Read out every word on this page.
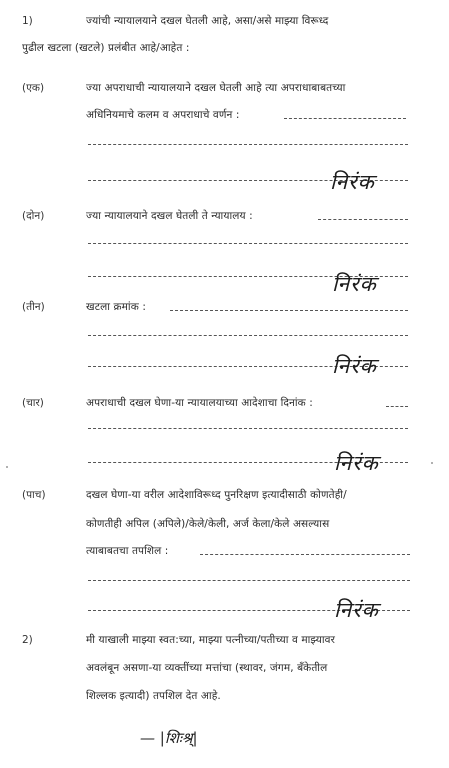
1)	ज्यांची न्यायालयाने दखल घेतली आहे, असा/असे माझ्या विरूध्द
पुढील खटला (खटले) प्रलंबीत आहे/आहेत :
(एक)	ज्या अपराधाची न्यायालयाने दखल घेतली आहे त्या अपराधाबाबतच्या
अधिनियमाचे कलम व अपराधाचे वर्णन :
निरंक
(दोन)	ज्या न्यायालयाने दखल घेतली ते न्यायालय :
निरंक
(तीन)	खटला क्रमांक :
निरंक
(चार)	अपराधाची दखल घेणा-या न्यायालयाच्या आदेशाचा दिनांक :
निरंक
(पाच)	दखल घेणा-या वरील आदेशाविरूध्द पुनरिक्षण इत्यादीसाठी कोणतेही/
कोणतीही अपिल (अपिले)/केले/केली, अर्ज केला/केले असल्यास
त्याबाबतचा तपशिल :
निरंक
2)	मी याखाली माझ्या स्वत:च्या, माझ्या पत्नीच्या/पतीच्या व माझ्यावर
अवलंबून असणा-या व्यक्तींच्या मत्तांचा (स्थावर, जंगम, बँकेतील
शिल्लक इत्यादी) तपशिल देत आहे.
— |शिःश्र्|
